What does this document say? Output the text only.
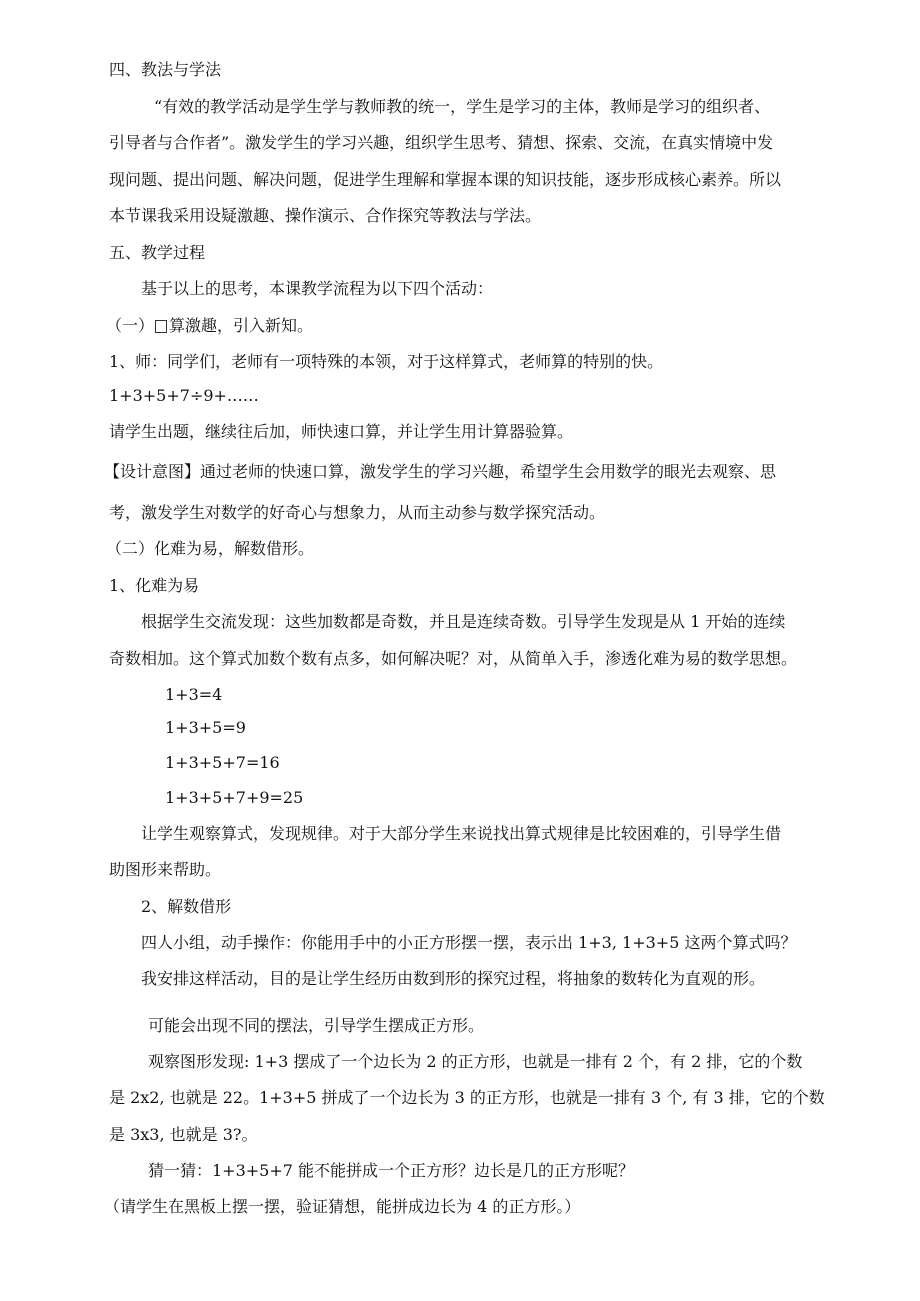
四、教法与学法
“有效的教学活动是学生学与教师教的统一，学生是学习的主体，教师是学习的组织者、
引导者与合作者”。激发学生的学习兴趣，组织学生思考、猜想、探索、交流，在真实情境中发
现问题、提出问题、解决问题，促进学生理解和掌握本课的知识技能，逐步形成核心素养。所以
本节课我采用设疑激趣、操作演示、合作探究等教法与学法。
五、教学过程
基于以上的思考，本课教学流程为以下四个活动：
（一） 算激趣，引入新知。
1、师：同学们，老师有一项特殊的本领，对于这样算式，老师算的特别的快。
1+3+5+7÷9+……
请学生出题，继续往后加，师快速口算，并让学生用计算器验算。
【设计意图】通过老师的快速口算，激发学生的学习兴趣，希望学生会用数学的眼光去观察、思
考，激发学生对数学的好奇心与想象力，从而主动参与数学探究活动。
（二）化难为易，解数借形。
1、化难为易
根据学生交流发现：这些加数都是奇数，并且是连续奇数。引导学生发现是从 1 开始的连续
奇数相加。这个算式加数个数有点多，如何解决呢？对，从简单入手，渗透化难为易的数学思想。
1+3=4
1+3+5=9
1+3+5+7=16
1+3+5+7+9=25
让学生观察算式，发现规律。对于大部分学生来说找出算式规律是比较困难的，引导学生借
助图形来帮助。
2、解数借形
四人小组，动手操作：你能用手中的小正方形摆一摆，表示出 1+3, 1+3+5 这两个算式吗？
我安排这样活动，目的是让学生经历由数到形的探究过程，将抽象的数转化为直观的形。
可能会出现不同的摆法，引导学生摆成正方形。
观察图形发现: 1+3 摆成了一个边长为 2 的正方形，也就是一排有 2 个，有 2 排，它的个数
是 2x2, 也就是 22。1+3+5 拼成了一个边长为 3 的正方形，也就是一排有 3 个, 有 3 排，它的个数
是 3x3, 也就是 3?。
猜一猜：1+3+5+7 能不能拼成一个正方形？边长是几的正方形呢？
（请学生在黑板上摆一摆，验证猜想，能拼成边长为 4 的正方形。）
